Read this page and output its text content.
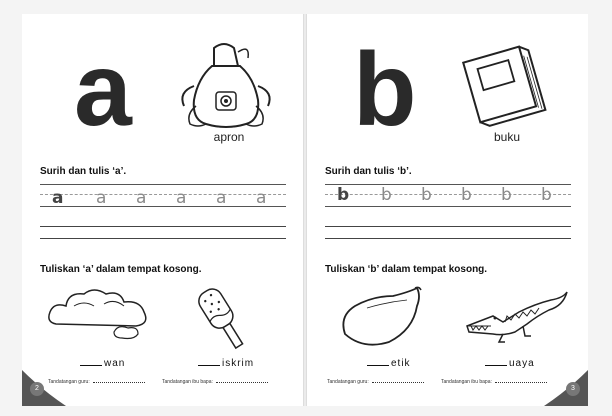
a	apron
Surih dan tulis ‘a’.
a a a a a a
Tuliskan ‘a’ dalam tempat kosong.
wan	iskrim
2
Tandatangan guru:	Tandatangan ibu bapa:
b	buku
Surih dan tulis ‘b’.
b b b b b b
Tuliskan ‘b’ dalam tempat kosong.
etik	uaya
Tandatangan guru:	Tandatangan ibu bapa:
3
